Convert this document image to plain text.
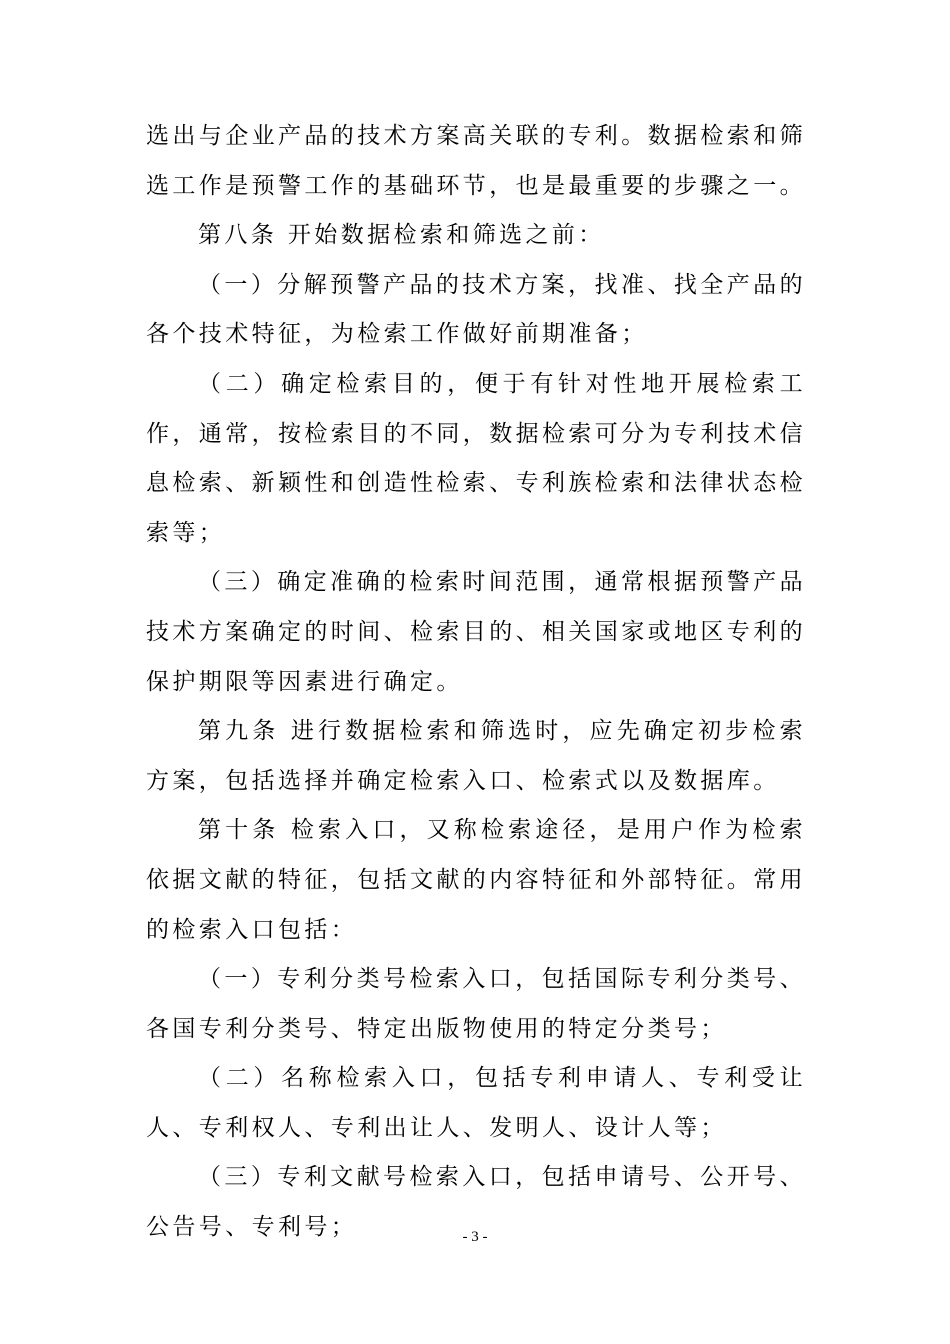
选出与企业产品的技术方案高关联的专利。数据检索和筛选工作是预警工作的基础环节，也是最重要的步骤之一。

第八条 开始数据检索和筛选之前：

（一）分解预警产品的技术方案，找准、找全产品的各个技术特征，为检索工作做好前期准备；

（二）确定检索目的，便于有针对性地开展检索工作，通常，按检索目的不同，数据检索可分为专利技术信息检索、新颖性和创造性检索、专利族检索和法律状态检索等；

（三）确定准确的检索时间范围，通常根据预警产品技术方案确定的时间、检索目的、相关国家或地区专利的保护期限等因素进行确定。

第九条 进行数据检索和筛选时，应先确定初步检索方案，包括选择并确定检索入口、检索式以及数据库。

第十条 检索入口，又称检索途径，是用户作为检索依据文献的特征，包括文献的内容特征和外部特征。常用的检索入口包括：

（一）专利分类号检索入口，包括国际专利分类号、各国专利分类号、特定出版物使用的特定分类号；

（二）名称检索入口，包括专利申请人、专利受让人、专利权人、专利出让人、发明人、设计人等；

（三）专利文献号检索入口，包括申请号、公开号、公告号、专利号；	- 3 -
